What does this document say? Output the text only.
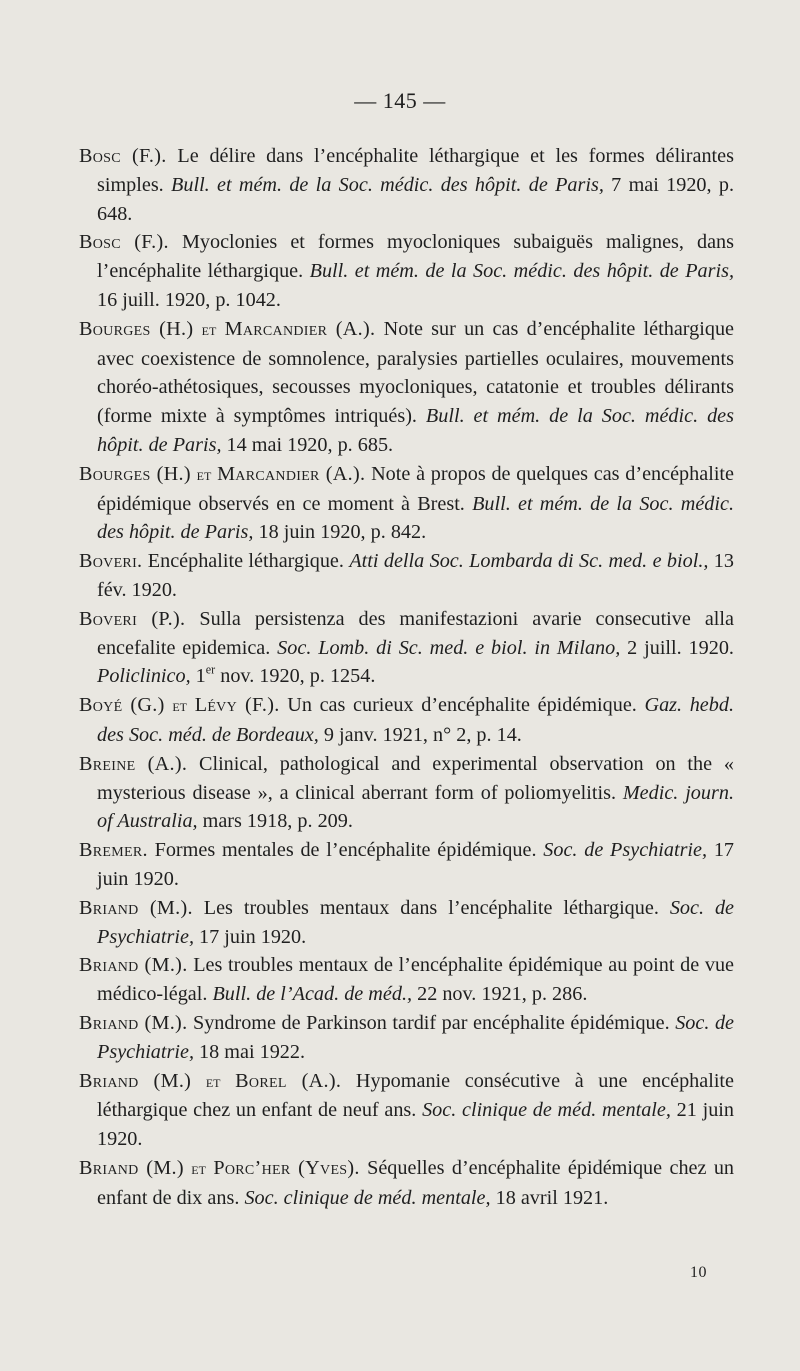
— 145 —

Bosc (F.). Le délire dans l’encéphalite léthargique et les formes délirantes simples. Bull. et mém. de la Soc. médic. des hôpit. de Paris, 7 mai 1920, p. 648.

Bosc (F.). Myoclonies et formes myocloniques subaiguës malignes, dans l’encéphalite léthargique. Bull. et mém. de la Soc. médic. des hôpit. de Paris, 16 juill. 1920, p. 1042.

Bourges (H.) et Marcandier (A.). Note sur un cas d’encéphalite léthargique avec coexistence de somnolence, paralysies partielles oculaires, mouvements choréo-athétosiques, secousses myocloniques, catatonie et troubles délirants (forme mixte à symptômes intriqués). Bull. et mém. de la Soc. médic. des hôpit. de Paris, 14 mai 1920, p. 685.

Bourges (H.) et Marcandier (A.). Note à propos de quelques cas d’encéphalite épidémique observés en ce moment à Brest. Bull. et mém. de la Soc. médic. des hôpit. de Paris, 18 juin 1920, p. 842.

Boveri. Encéphalite léthargique. Atti della Soc. Lombarda di Sc. med. e biol., 13 fév. 1920.

Boveri (P.). Sulla persistenza des manifestazioni avarie consecutive alla encefalite epidemica. Soc. Lomb. di Sc. med. e biol. in Milano, 2 juill. 1920. Policlinico, 1er nov. 1920, p. 1254.

Boyé (G.) et Lévy (F.). Un cas curieux d’encéphalite épidémique. Gaz. hebd. des Soc. méd. de Bordeaux, 9 janv. 1921, n° 2, p. 14.

Breine (A.). Clinical, pathological and experimental observation on the « mysterious disease », a clinical aberrant form of poliomyelitis. Medic. journ. of Australia, mars 1918, p. 209.

Bremer. Formes mentales de l’encéphalite épidémique. Soc. de Psychiatrie, 17 juin 1920.

Briand (M.). Les troubles mentaux dans l’encéphalite léthargique. Soc. de Psychiatrie, 17 juin 1920.

Briand (M.). Les troubles mentaux de l’encéphalite épidémique au point de vue médico-légal. Bull. de l’Acad. de méd., 22 nov. 1921, p. 286.

Briand (M.). Syndrome de Parkinson tardif par encéphalite épidémique. Soc. de Psychiatrie, 18 mai 1922.

Briand (M.) et Borel (A.). Hypomanie consécutive à une encéphalite léthargique chez un enfant de neuf ans. Soc. clinique de méd. mentale, 21 juin 1920.

Briand (M.) et Porc’her (Yves). Séquelles d’encéphalite épidémique chez un enfant de dix ans. Soc. clinique de méd. mentale, 18 avril 1921.

10
